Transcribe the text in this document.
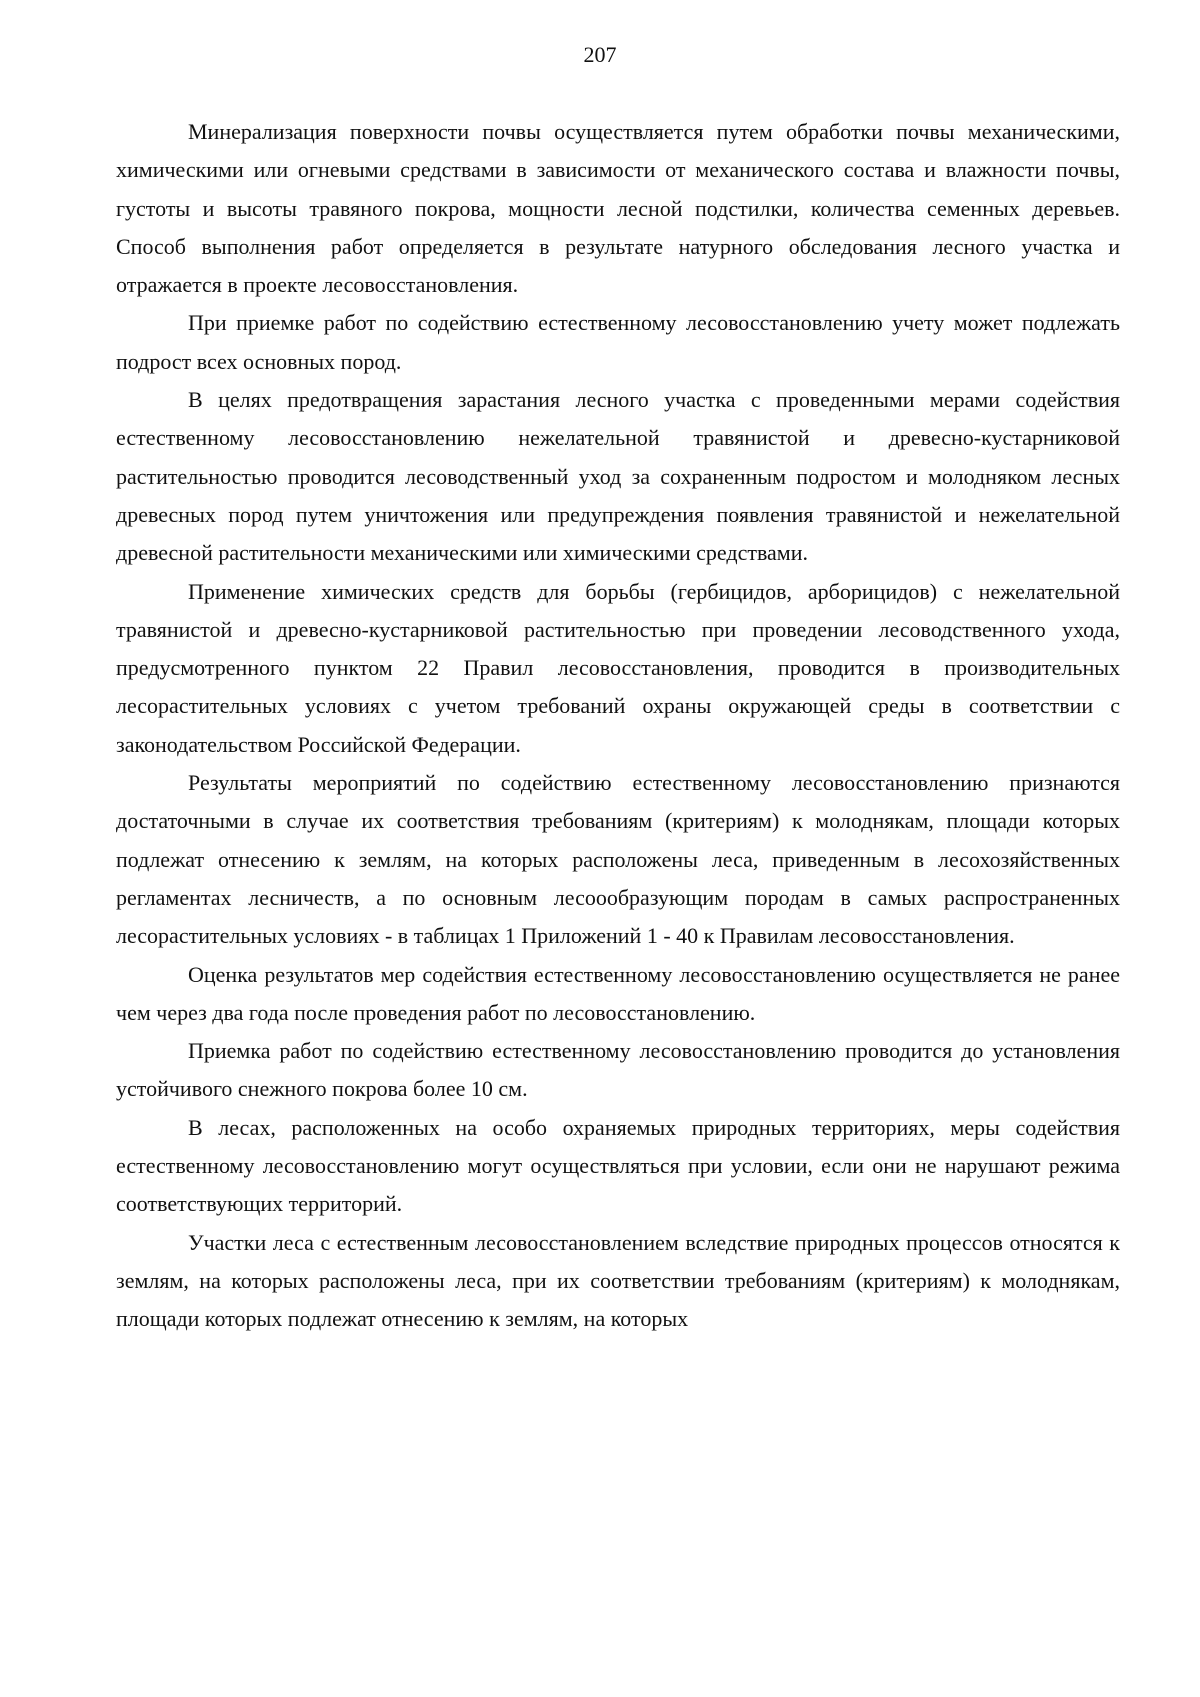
207

Минерализация поверхности почвы осуществляется путем обработки почвы механическими, химическими или огневыми средствами в зависимости от механического состава и влажности почвы, густоты и высоты травяного покрова, мощности лесной подстилки, количества семенных деревьев. Способ выполнения работ определяется в результате натурного обследования лесного участка и отражается в проекте лесовосстановления.

При приемке работ по содействию естественному лесовосстановлению учету может подлежать подрост всех основных пород.

В целях предотвращения зарастания лесного участка с проведенными мерами содействия естественному лесовосстановлению нежелательной травянистой и древесно-кустарниковой растительностью проводится лесоводственный уход за сохраненным подростом и молодняком лесных древесных пород путем уничтожения или предупреждения появления травянистой и нежелательной древесной растительности механическими или химическими средствами.

Применение химических средств для борьбы (гербицидов, арборицидов) с нежелательной травянистой и древесно-кустарниковой растительностью при проведении лесоводственного ухода, предусмотренного пунктом 22 Правил лесовосстановления, проводится в производительных лесорастительных условиях с учетом требований охраны окружающей среды в соответствии с законодательством Российской Федерации.

Результаты мероприятий по содействию естественному лесовосстановлению признаются достаточными в случае их соответствия требованиям (критериям) к молоднякам, площади которых подлежат отнесению к землям, на которых расположены леса, приведенным в лесохозяйственных регламентах лесничеств, а по основным лесоообразующим породам в самых распространенных лесорастительных условиях - в таблицах 1 Приложений 1 - 40 к Правилам лесовосстановления.

Оценка результатов мер содействия естественному лесовосстановлению осуществляется не ранее чем через два года после проведения работ по лесовосстановлению.

Приемка работ по содействию естественному лесовосстановлению проводится до установления устойчивого снежного покрова более 10 см.

В лесах, расположенных на особо охраняемых природных территориях, меры содействия естественному лесовосстановлению могут осуществляться при условии, если они не нарушают режима соответствующих территорий.

Участки леса с естественным лесовосстановлением вследствие природных процессов относятся к землям, на которых расположены леса, при их соответствии требованиям (критериям) к молоднякам, площади которых подлежат отнесению к землям, на которых
